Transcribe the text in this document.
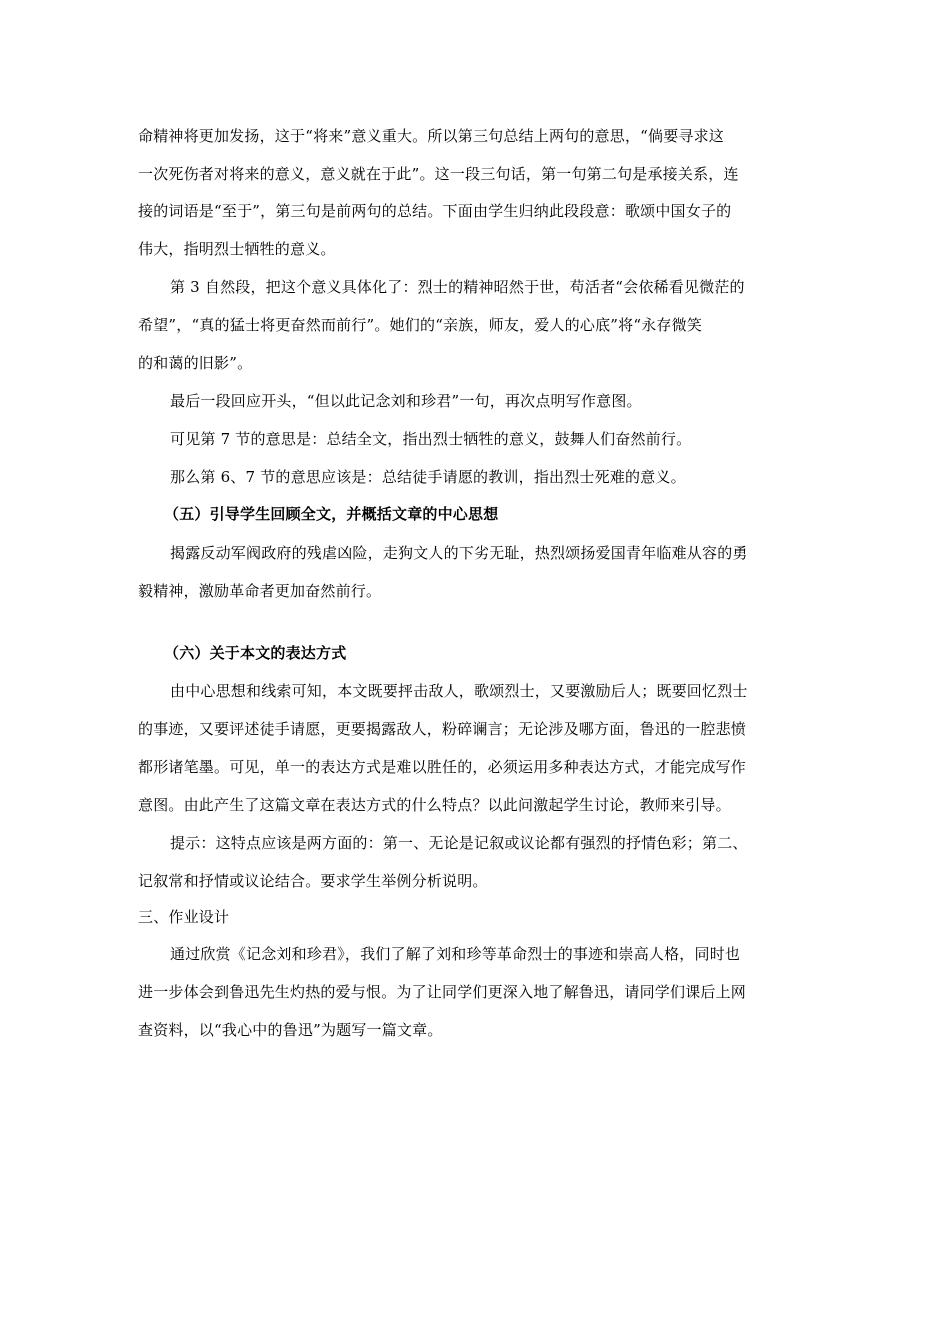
命精神将更加发扬，这于“将来”意义重大。所以第三句总结上两句的意思，“倘要寻求这
一次死伤者对将来的意义，意义就在于此”。这一段三句话，第一句第二句是承接关系，连
接的词语是“至于”，第三句是前两句的总结。下面由学生归纳此段段意：歌颂中国女子的
伟大，指明烈士牺牲的意义。
第 3 自然段，把这个意义具体化了：烈士的精神昭然于世，苟活者“会依稀看见微茫的
希望”，“真的猛士将更奋然而前行”。她们的“亲族，师友，爱人的心底”将“永存微笑
的和蔼的旧影”。
最后一段回应开头，“但以此记念刘和珍君”一句，再次点明写作意图。
可见第 7 节的意思是：总结全文，指出烈士牺牲的意义，鼓舞人们奋然前行。
那么第 6、7 节的意思应该是：总结徒手请愿的教训，指出烈士死难的意义。
（五）引导学生回顾全文，并概括文章的中心思想
揭露反动军阀政府的残虐凶险，走狗文人的下劣无耻，热烈颂扬爱国青年临难从容的勇
毅精神，激励革命者更加奋然前行。
（六）关于本文的表达方式
由中心思想和线索可知，本文既要抨击敌人，歌颂烈士，又要激励后人；既要回忆烈士
的事迹，又要评述徒手请愿，更要揭露敌人，粉碎谰言；无论涉及哪方面，鲁迅的一腔悲愤
都形诸笔墨。可见，单一的表达方式是难以胜任的，必须运用多种表达方式，才能完成写作
意图。由此产生了这篇文章在表达方式的什么特点？以此问激起学生讨论，教师来引导。
提示：这特点应该是两方面的：第一、无论是记叙或议论都有强烈的抒情色彩；第二、
记叙常和抒情或议论结合。要求学生举例分析说明。
三、作业设计
通过欣赏《记念刘和珍君》，我们了解了刘和珍等革命烈士的事迹和崇高人格，同时也
进一步体会到鲁迅先生灼热的爱与恨。为了让同学们更深入地了解鲁迅，请同学们课后上网
查资料，以“我心中的鲁迅”为题写一篇文章。
